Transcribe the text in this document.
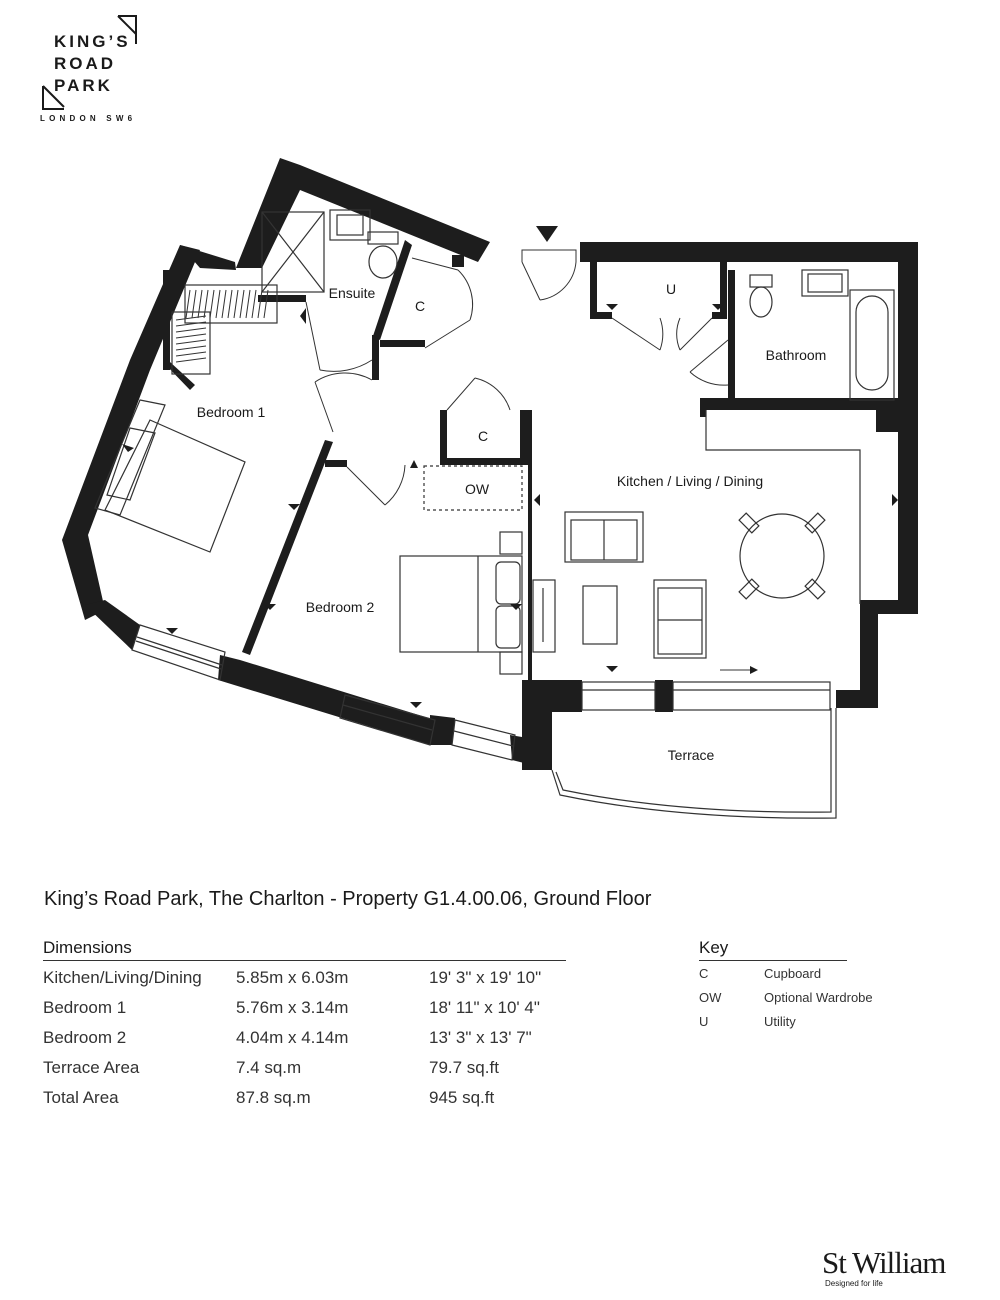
KING’S
ROAD
PARK
LONDON SW6
Ensuite
C
U
Bathroom
Bedroom 1
C
OW	Kitchen / Living / Dining
Bedroom 2
Terrace
King’s Road Park, The Charlton - Property G1.4.00.06, Ground Floor
Dimensions
Kitchen/Living/Dining 5.85m x 6.03m	19' 3" x 19' 10"
Bedroom 1	5.76m x 3.14m	18' 11" x 10' 4"
Bedroom 2	4.04m x 4.14m	13' 3" x 13' 7"
Terrace Area	7.4 sq.m	79.7 sq.ft
Total Area	87.8 sq.m	945 sq.ft
Key
C	Cupboard
OW	Optional Wardrobe
U	Utility
St William
Designed for life
